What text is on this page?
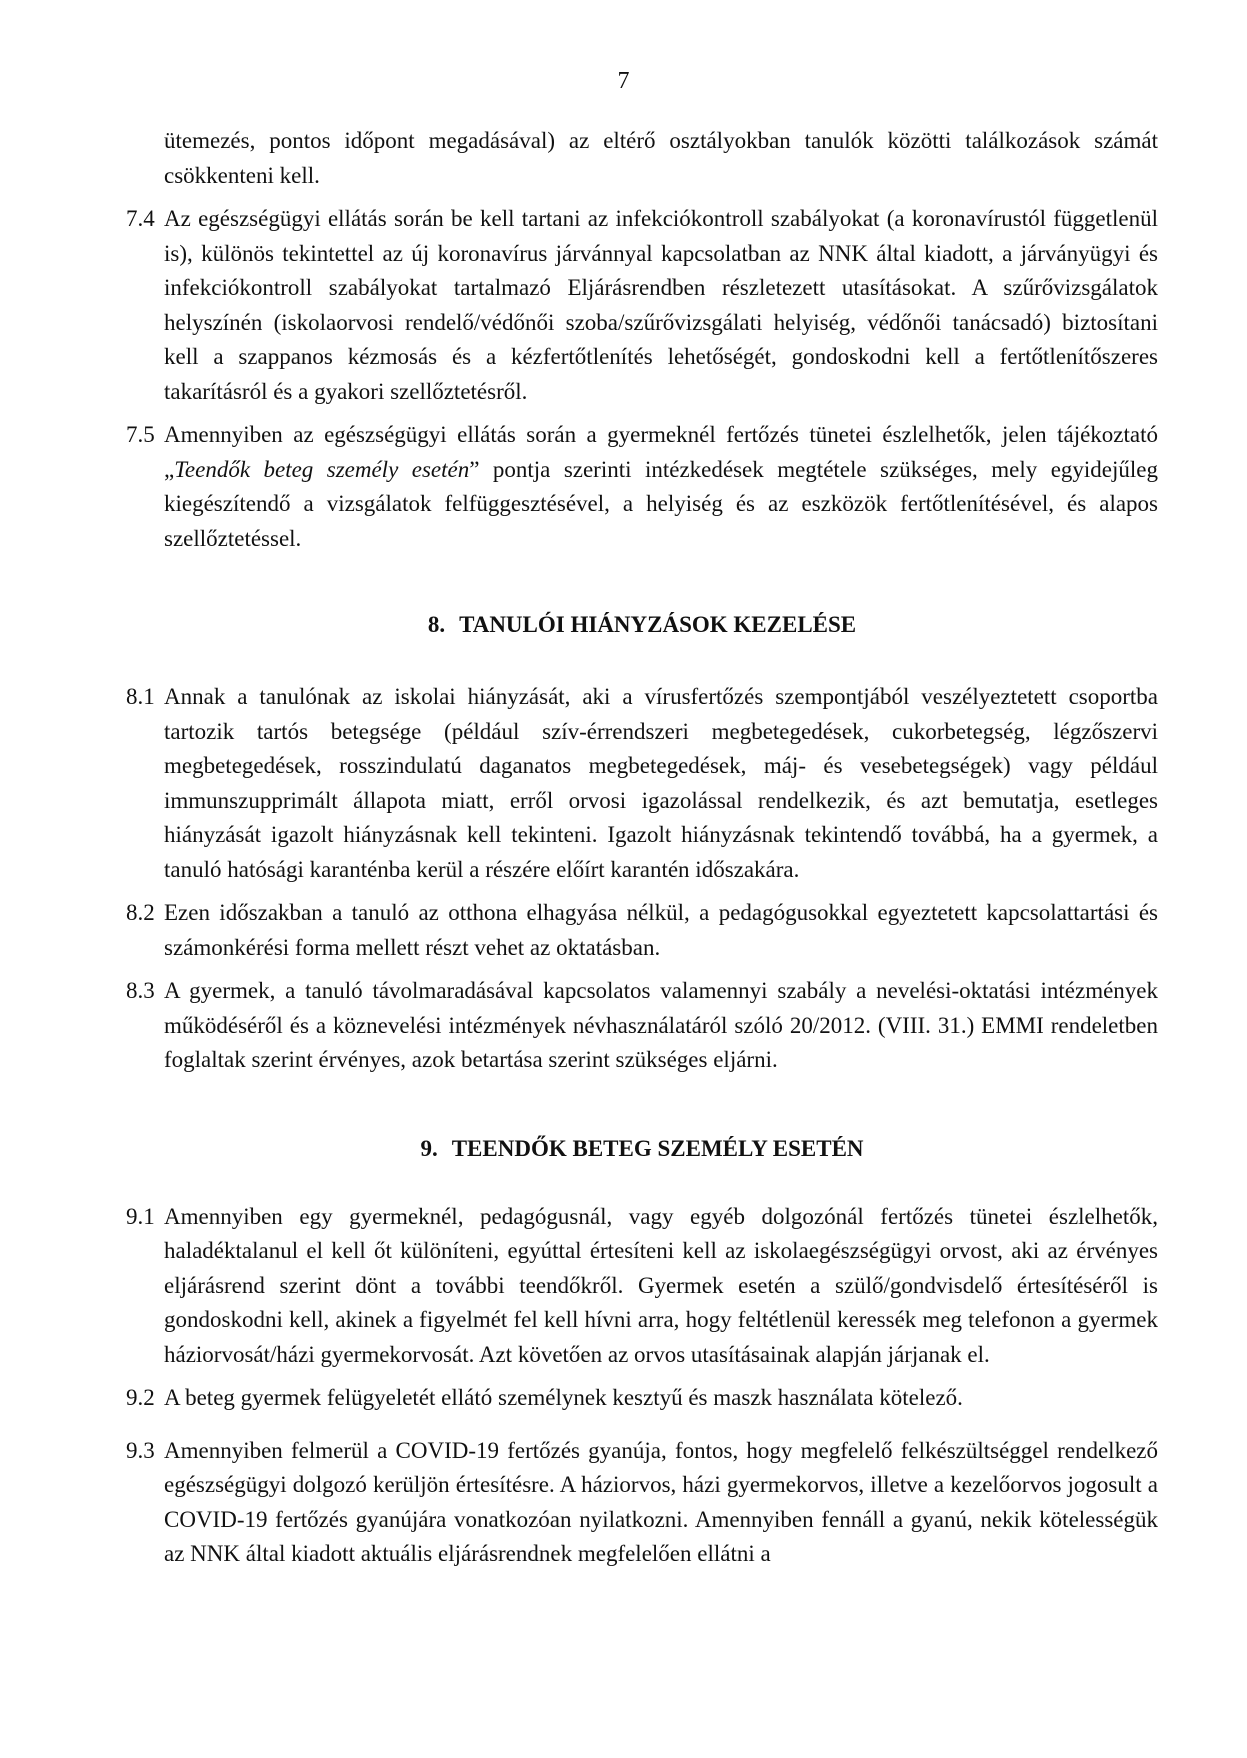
7

ütemezés, pontos időpont megadásával) az eltérő osztályokban tanulók közötti találkozások számát csökkenteni kell.

7.4 Az egészségügyi ellátás során be kell tartani az infekciókontroll szabályokat (a koronavírustól függetlenül is), különös tekintettel az új koronavírus járvánnyal kapcsolatban az NNK által kiadott, a járványügyi és infekciókontroll szabályokat tartalmazó Eljárásrendben részletezett utasításokat. A szűrővizsgálatok helyszínén (iskolaorvosi rendelő/védőnői szoba/szűrővizsgálati helyiség, védőnői tanácsadó) biztosítani kell a szappanos kézmosás és a kézfertőtlenítés lehetőségét, gondoskodni kell a fertőtlenítőszeres takarításról és a gyakori szellőztetésről.

7.5 Amennyiben az egészségügyi ellátás során a gyermeknél fertőzés tünetei észlelhetők, jelen tájékoztató „Teendők beteg személy esetén” pontja szerinti intézkedések megtétele szükséges, mely egyidejűleg kiegészítendő a vizsgálatok felfüggesztésével, a helyiség és az eszközök fertőtlenítésével, és alapos szellőztetéssel.

8. TANULÓI HIÁNYZÁSOK KEZELÉSE
8.1 Annak a tanulónak az iskolai hiányzását, aki a vírusfertőzés szempontjából veszélyeztetett csoportba tartozik tartós betegsége (például szív-érrendszeri megbetegedések, cukorbetegség, légzőszervi megbetegedések, rosszindulatú daganatos megbetegedések, máj- és vesebetegségek) vagy például immunszupprimált állapota miatt, erről orvosi igazolással rendelkezik, és azt bemutatja, esetleges hiányzását igazolt hiányzásnak kell tekinteni. Igazolt hiányzásnak tekintendő továbbá, ha a gyermek, a tanuló hatósági karanténba kerül a részére előírt karantén időszakára.

8.2 Ezen időszakban a tanuló az otthona elhagyása nélkül, a pedagógusokkal egyeztetett kapcsolattartási és számonkérési forma mellett részt vehet az oktatásban.

8.3 A gyermek, a tanuló távolmaradásával kapcsolatos valamennyi szabály a nevelési-oktatási intézmények működéséről és a köznevelési intézmények névhasználatáról szóló 20/2012. (VIII. 31.) EMMI rendeletben foglaltak szerint érvényes, azok betartása szerint szükséges eljárni.

9. TEENDŐK BETEG SZEMÉLY ESETÉN
9.1 Amennyiben egy gyermeknél, pedagógusnál, vagy egyéb dolgozónál fertőzés tünetei észlelhetők, haladéktalanul el kell őt különíteni, egyúttal értesíteni kell az iskolaegészségügyi orvost, aki az érvényes eljárásrend szerint dönt a további teendőkről. Gyermek esetén a szülő/gondvisdelő értesítéséről is gondoskodni kell, akinek a figyelmét fel kell hívni arra, hogy feltétlenül keressék meg telefonon a gyermek háziorvosát/házi gyermekorvosát. Azt követően az orvos utasításainak alapján járjanak el.

9.2 A beteg gyermek felügyeletét ellátó személynek kesztyű és maszk használata kötelező.

9.3 Amennyiben felmerül a COVID-19 fertőzés gyanúja, fontos, hogy megfelelő felkészültséggel rendelkező egészségügyi dolgozó kerüljön értesítésre. A háziorvos, házi gyermekorvos, illetve a kezelőorvos jogosult a COVID-19 fertőzés gyanújára vonatkozóan nyilatkozni. Amennyiben fennáll a gyanú, nekik kötelességük az NNK által kiadott aktuális eljárásrendnek megfelelően ellátni a
